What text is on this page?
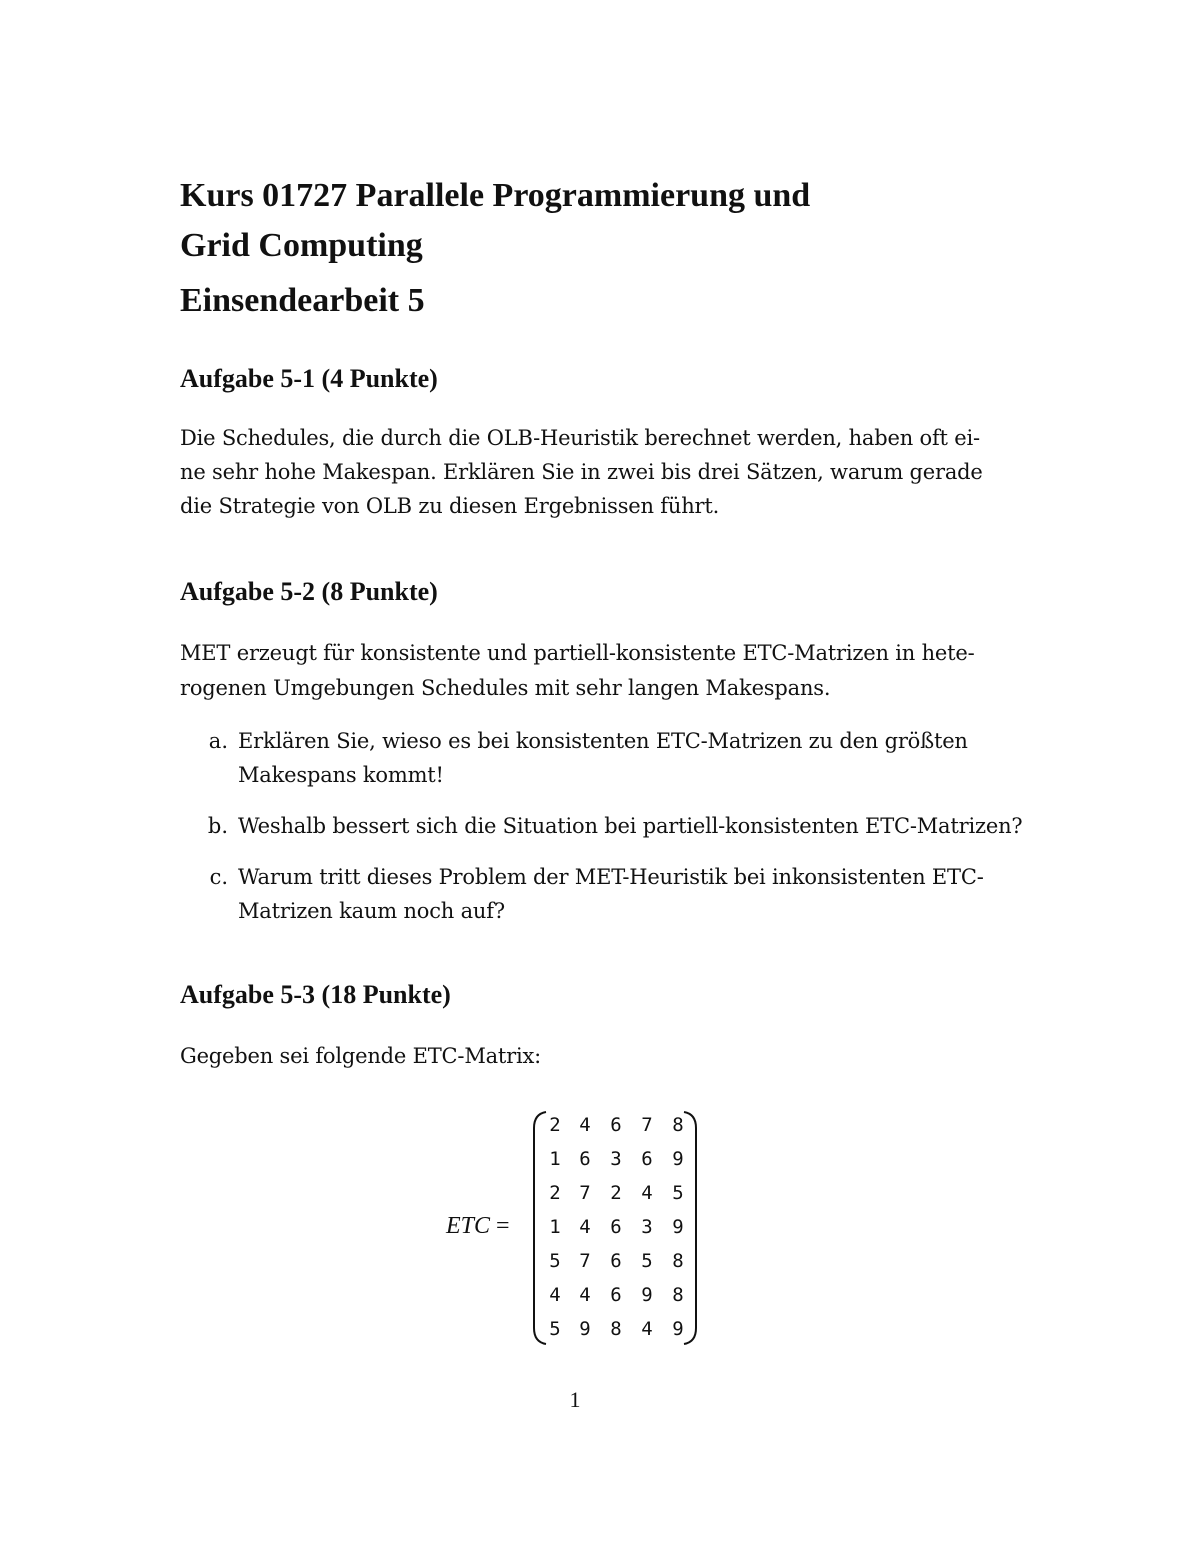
Kurs 01727 Parallele Programmierung und
Grid Computing
Einsendearbeit 5
Aufgabe 5-1 (4 Punkte)
Die Schedules, die durch die OLB-Heuristik berechnet werden, haben oft ei-
ne sehr hohe Makespan. Erklären Sie in zwei bis drei Sätzen, warum gerade
die Strategie von OLB zu diesen Ergebnissen führt.
Aufgabe 5-2 (8 Punkte)
MET erzeugt für konsistente und partiell-konsistente ETC-Matrizen in hete-
rogenen Umgebungen Schedules mit sehr langen Makespans.
a. Erklären Sie, wieso es bei konsistenten ETC-Matrizen zu den größten
Makespans kommt!
b. Weshalb bessert sich die Situation bei partiell-konsistenten ETC-Matrizen?
c. Warum tritt dieses Problem der MET-Heuristik bei inkonsistenten ETC-
Matrizen kaum noch auf?
Aufgabe 5-3 (18 Punkte)
Gegeben sei folgende ETC-Matrix:
ETC =
2 4	6	7	8
1 6	3	6	9
2 7	2	4	5
1 4	6	3	9
5 7	6	5	8
4 4	6	9	8
5 9	8	4	9
1
